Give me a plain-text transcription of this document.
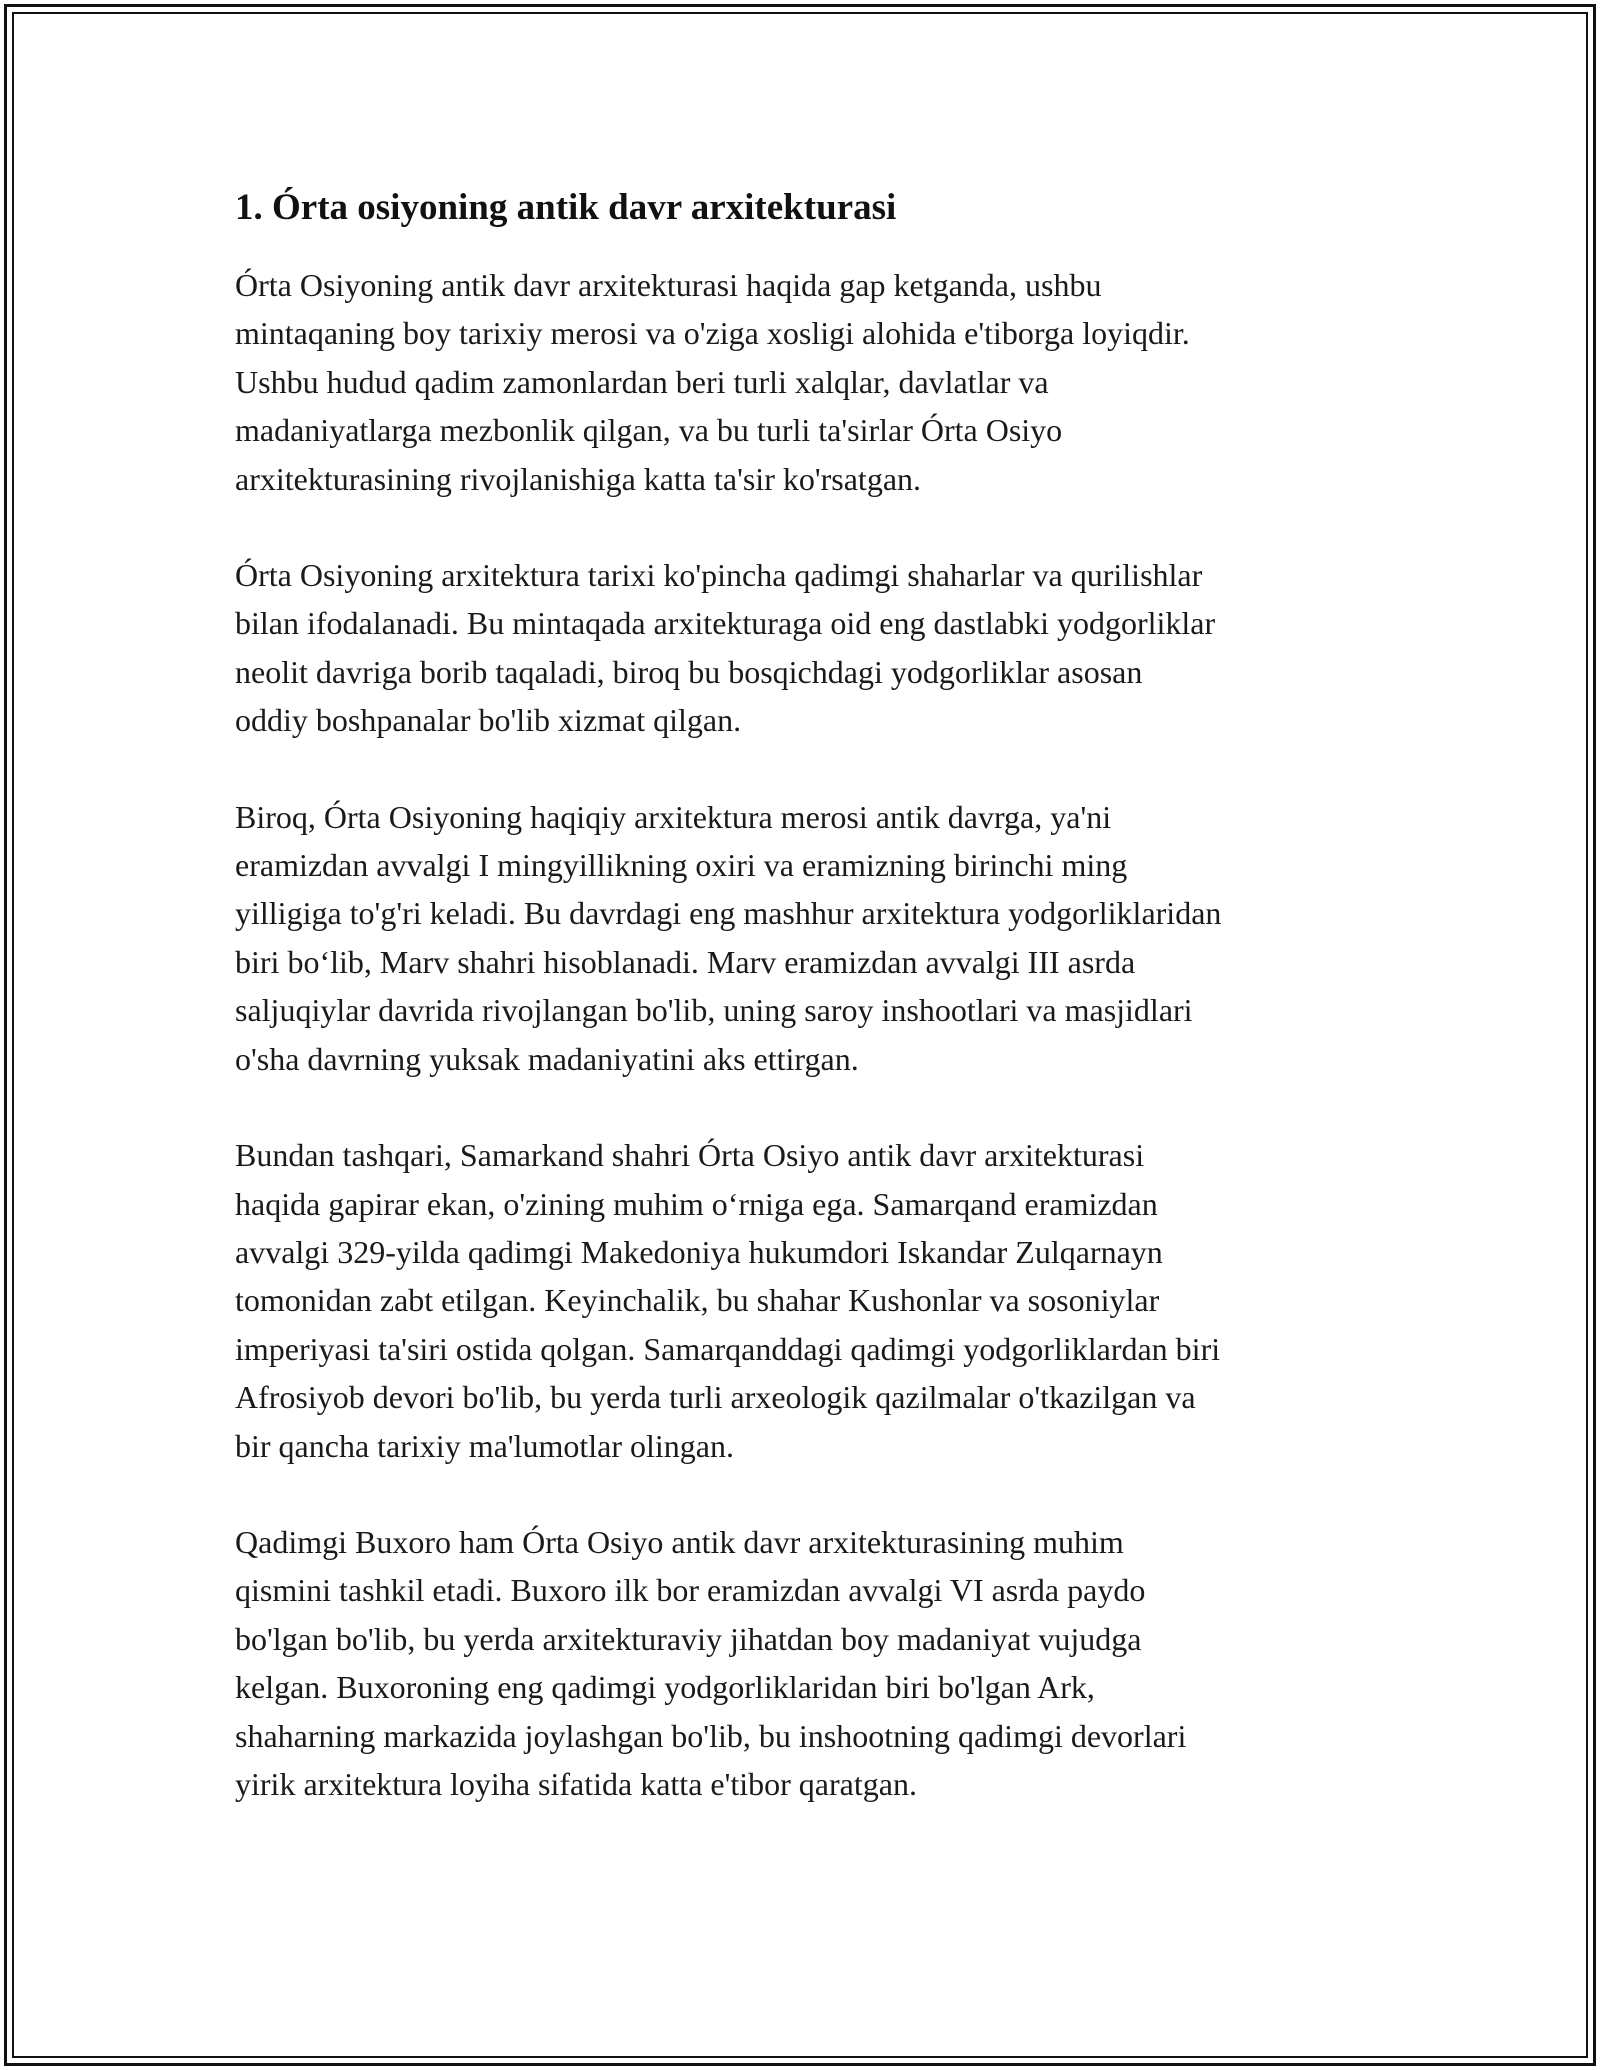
1. Órta osiyoning antik davr arxitekturasi

Órta Osiyoning antik davr arxitekturasi haqida gap ketganda, ushbu
mintaqaning boy tarixiy merosi va o'ziga xosligi alohida e'tiborga loyiqdir.
Ushbu hudud qadim zamonlardan beri turli xalqlar, davlatlar va
madaniyatlarga mezbonlik qilgan, va bu turli ta'sirlar Órta Osiyo
arxitekturasining rivojlanishiga katta ta'sir ko'rsatgan.

Órta Osiyoning arxitektura tarixi ko'pincha qadimgi shaharlar va qurilishlar
bilan ifodalanadi. Bu mintaqada arxitekturaga oid eng dastlabki yodgorliklar
neolit davriga borib taqaladi, biroq bu bosqichdagi yodgorliklar asosan
oddiy boshpanalar bo'lib xizmat qilgan.

Biroq, Órta Osiyoning haqiqiy arxitektura merosi antik davrga, ya'ni
eramizdan avvalgi I mingyillikning oxiri va eramizning birinchi ming
yilligiga to'g'ri keladi. Bu davrdagi eng mashhur arxitektura yodgorliklaridan
biri bo‘lib, Marv shahri hisoblanadi. Marv eramizdan avvalgi III asrda
saljuqiylar davrida rivojlangan bo'lib, uning saroy inshootlari va masjidlari
o'sha davrning yuksak madaniyatini aks ettirgan.

Bundan tashqari, Samarkand shahri Órta Osiyo antik davr arxitekturasi
haqida gapirar ekan, o'zining muhim o‘rniga ega. Samarqand eramizdan
avvalgi 329-yilda qadimgi Makedoniya hukumdori Iskandar Zulqarnayn
tomonidan zabt etilgan. Keyinchalik, bu shahar Kushonlar va sosoniylar
imperiyasi ta'siri ostida qolgan. Samarqanddagi qadimgi yodgorliklardan biri
Afrosiyob devori bo'lib, bu yerda turli arxeologik qazilmalar o'tkazilgan va
bir qancha tarixiy ma'lumotlar olingan.

Qadimgi Buxoro ham Órta Osiyo antik davr arxitekturasining muhim
qismini tashkil etadi. Buxoro ilk bor eramizdan avvalgi VI asrda paydo
bo'lgan bo'lib, bu yerda arxitekturaviy jihatdan boy madaniyat vujudga
kelgan. Buxoroning eng qadimgi yodgorliklaridan biri bo'lgan Ark,
shaharning markazida joylashgan bo'lib, bu inshootning qadimgi devorlari
yirik arxitektura loyiha sifatida katta e'tibor qaratgan.
